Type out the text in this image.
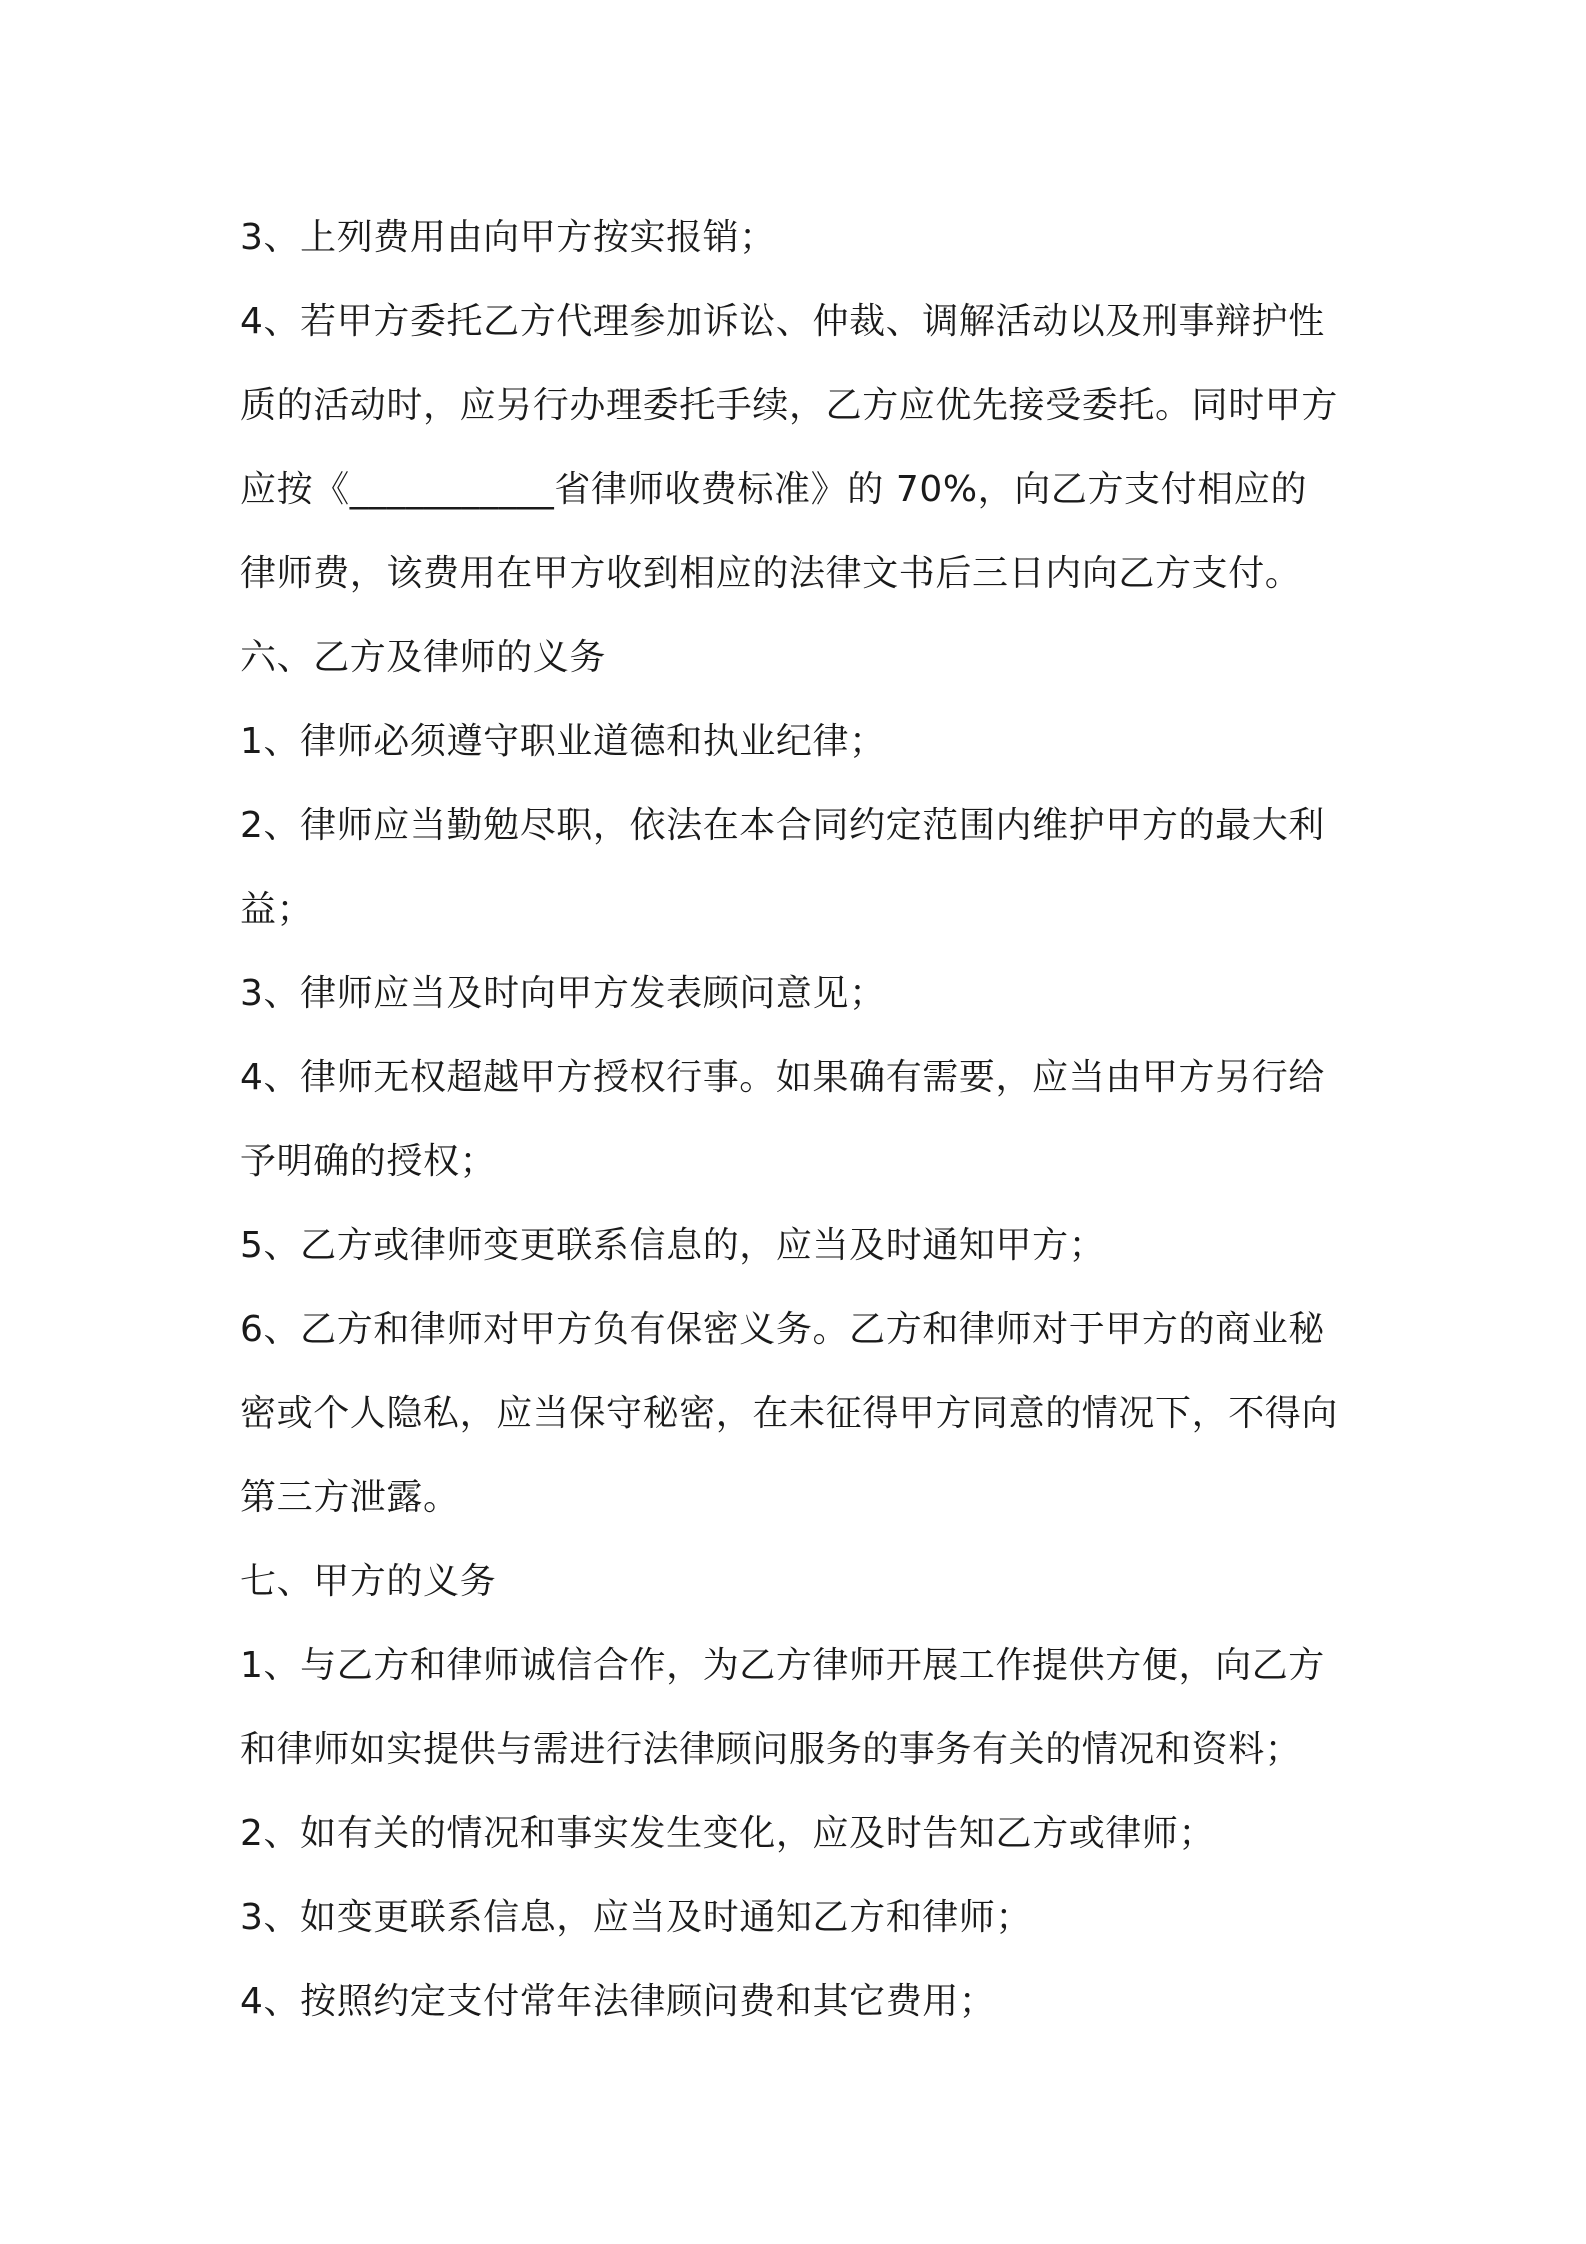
3、上列费用由向甲方按实报销；
4、若甲方委托乙方代理参加诉讼、仲裁、调解活动以及刑事辩护性
质的活动时，应另行办理委托手续，乙方应优先接受委托。同时甲方
应按《___________省律师收费标准》的 70%，向乙方支付相应的
律师费，该费用在甲方收到相应的法律文书后三日内向乙方支付。
六、乙方及律师的义务
1、律师必须遵守职业道德和执业纪律；
2、律师应当勤勉尽职，依法在本合同约定范围内维护甲方的最大利
益；
3、律师应当及时向甲方发表顾问意见；
4、律师无权超越甲方授权行事。如果确有需要，应当由甲方另行给
予明确的授权；
5、乙方或律师变更联系信息的，应当及时通知甲方；
6、乙方和律师对甲方负有保密义务。乙方和律师对于甲方的商业秘
密或个人隐私，应当保守秘密，在未征得甲方同意的情况下，不得向
第三方泄露。
七、甲方的义务
1、与乙方和律师诚信合作，为乙方律师开展工作提供方便，向乙方
和律师如实提供与需进行法律顾问服务的事务有关的情况和资料；
2、如有关的情况和事实发生变化，应及时告知乙方或律师；
3、如变更联系信息，应当及时通知乙方和律师；
4、按照约定支付常年法律顾问费和其它费用；
